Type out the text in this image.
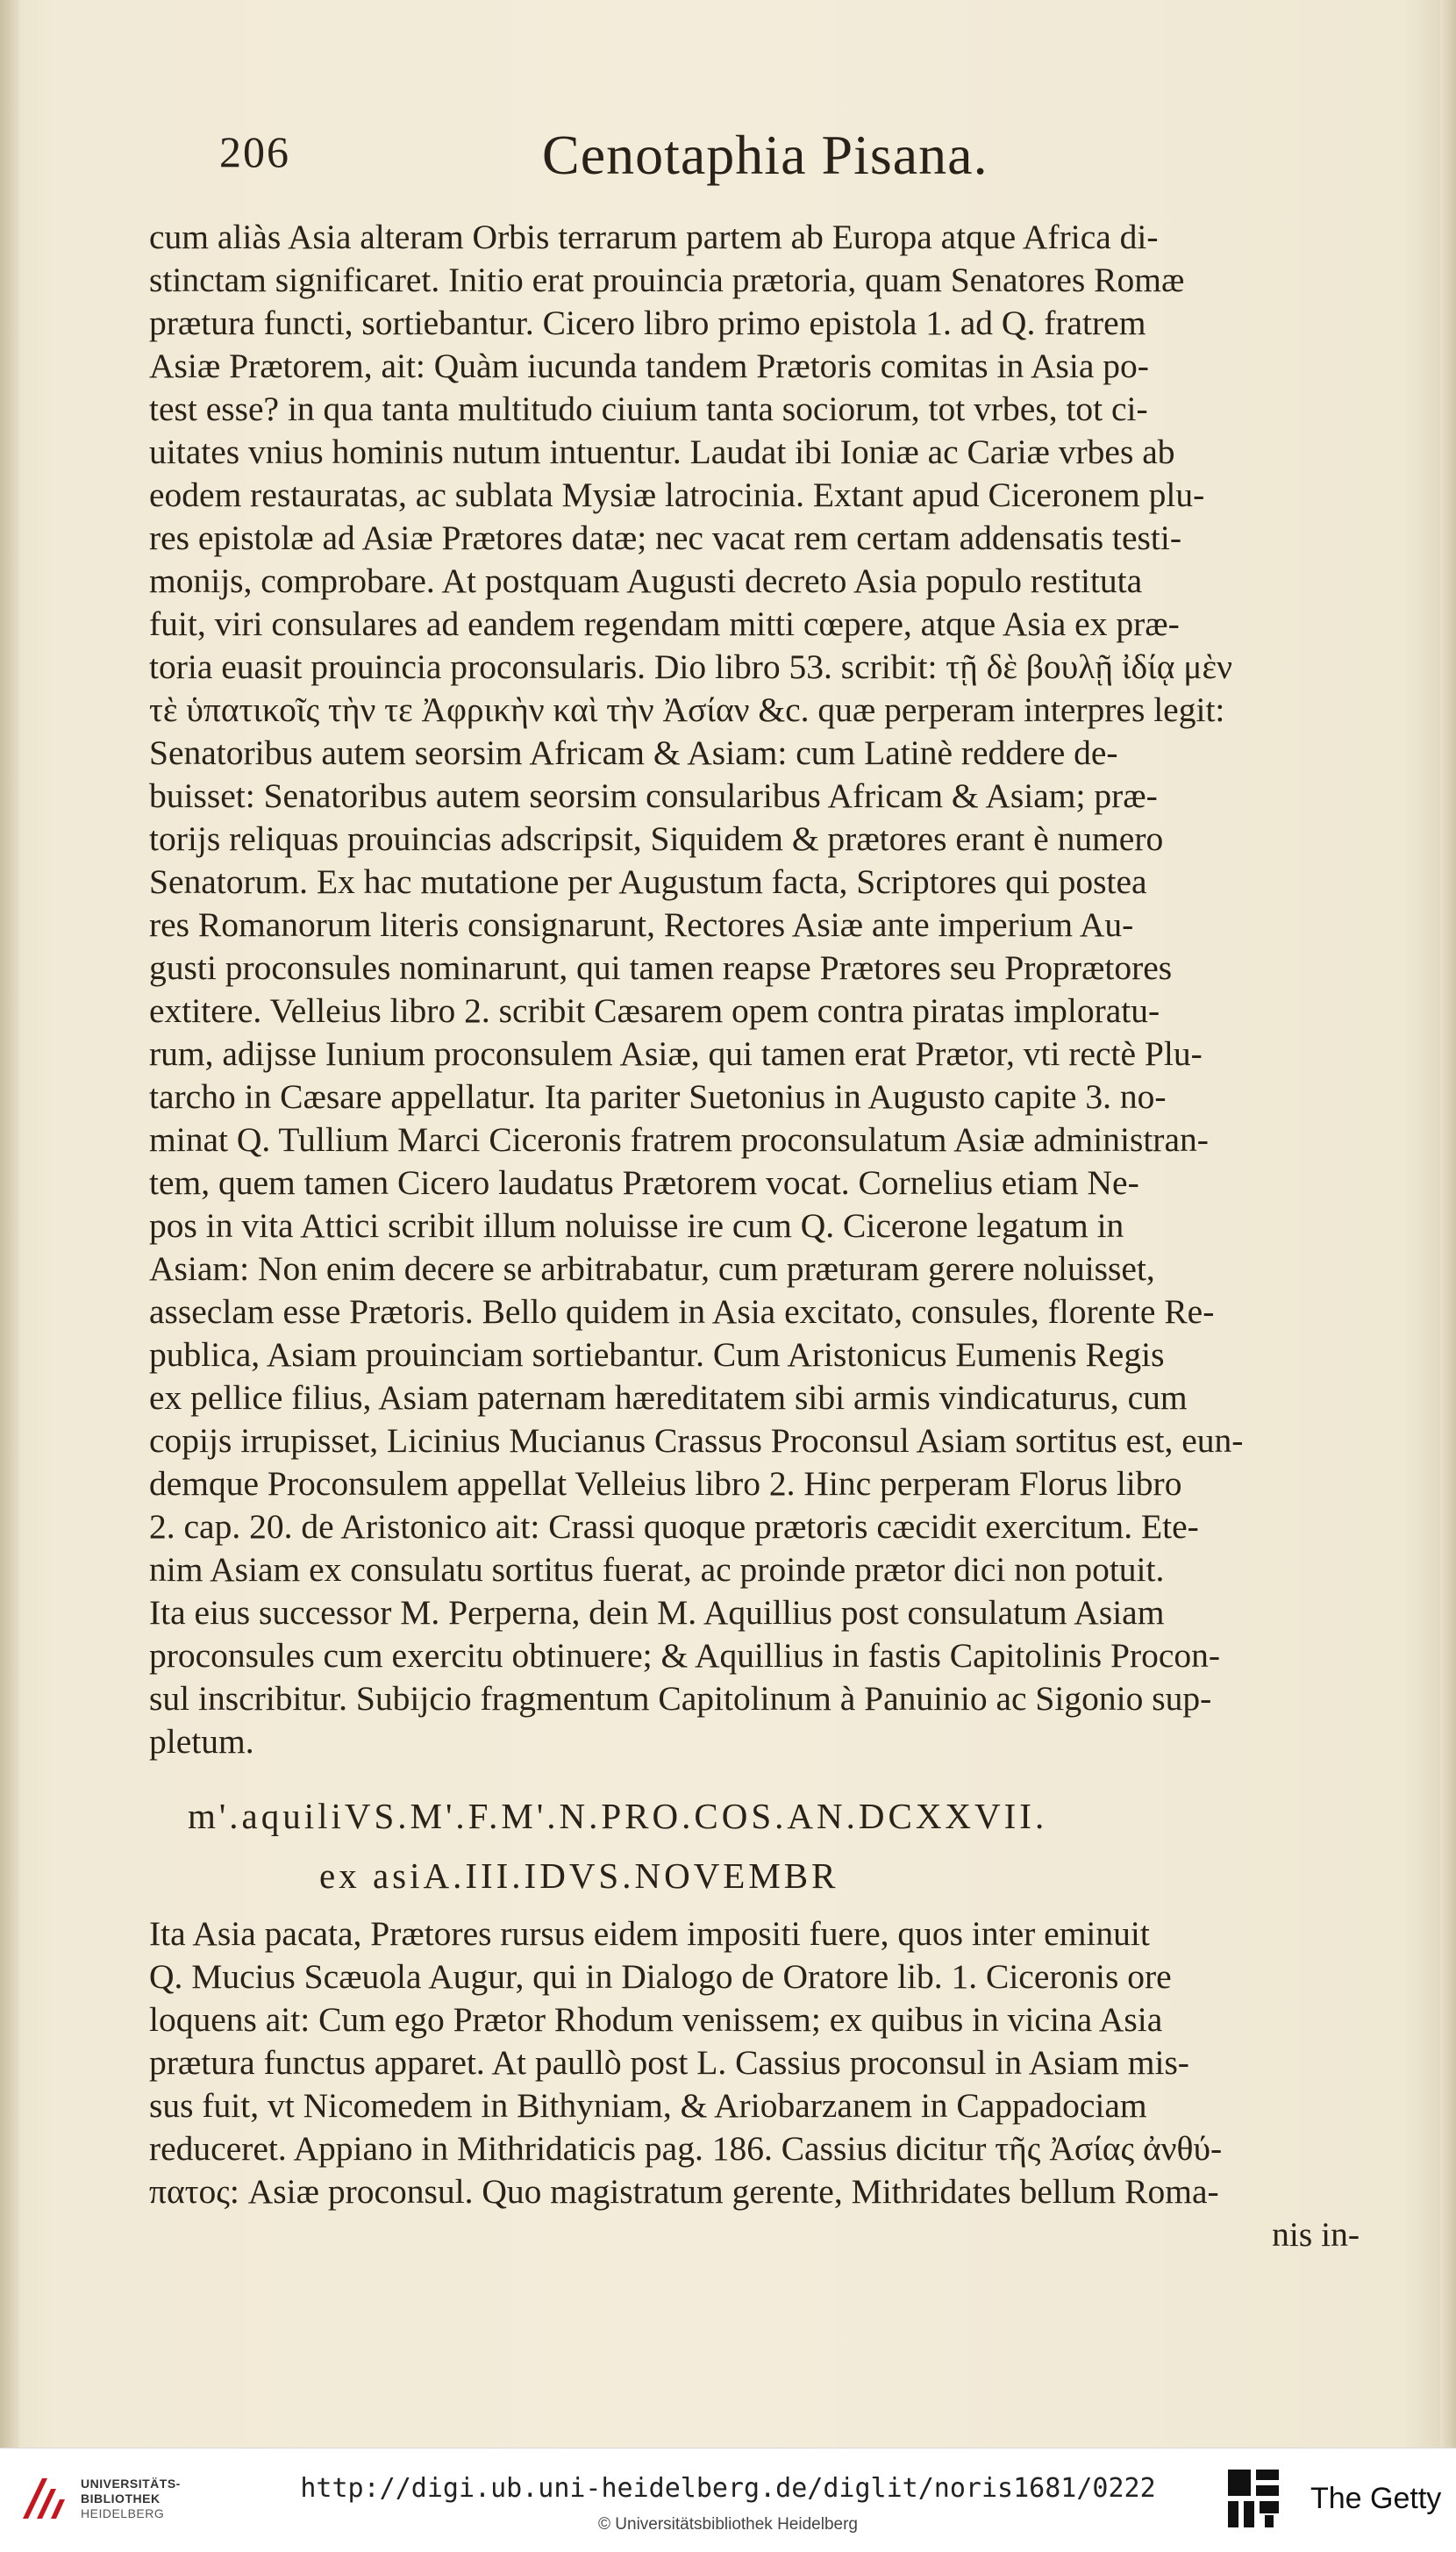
206	Cenotaphia Pisana.

cum aliàs Asia alteram Orbis terrarum partem ab Europa atque Africa di-
stinctam significaret. Initio erat prouincia prætoria, quam Senatores Romæ
prætura functi, sortiebantur. Cicero libro primo epistola 1. ad Q. fratrem
Asiæ Prætorem, ait: Quàm iucunda tandem Prætoris comitas in Asia po-
test esse? in qua tanta multitudo ciuium tanta sociorum, tot vrbes, tot ci-
uitates vnius hominis nutum intuentur. Laudat ibi Ioniæ ac Cariæ vrbes ab
eodem restauratas, ac sublata Mysiæ latrocinia. Extant apud Ciceronem plu-
res epistolæ ad Asiæ Prætores datæ; nec vacat rem certam addensatis testi-
monijs, comprobare. At postquam Augusti decreto Asia populo restituta
fuit, viri consulares ad eandem regendam mitti cœpere, atque Asia ex præ-
toria euasit prouincia proconsularis. Dio libro 53. scribit: τῇ δὲ βουλῇ ἰδίᾳ μὲν
τὲ ὑπατικοῖς τὴν τε Ἀφρικὴν καὶ τὴν Ἀσίαν &c. quæ perperam interpres legit:
Senatoribus autem seorsim Africam & Asiam: cum Latinè reddere de-
buisset: Senatoribus autem seorsim consularibus Africam & Asiam; præ-
torijs reliquas prouincias adscripsit, Siquidem & prætores erant è numero
Senatorum. Ex hac mutatione per Augustum facta, Scriptores qui postea
res Romanorum literis consignarunt, Rectores Asiæ ante imperium Au-
gusti proconsules nominarunt, qui tamen reapse Prætores seu Proprætores
extitere. Velleius libro 2. scribit Cæsarem opem contra piratas imploratu-
rum, adijsse Iunium proconsulem Asiæ, qui tamen erat Prætor, vti rectè Plu-
tarcho in Cæsare appellatur. Ita pariter Suetonius in Augusto capite 3. no-
minat Q. Tullium Marci Ciceronis fratrem proconsulatum Asiæ administran-
tem, quem tamen Cicero laudatus Prætorem vocat. Cornelius etiam Ne-
pos in vita Attici scribit illum noluisse ire cum Q. Cicerone legatum in
Asiam: Non enim decere se arbitrabatur, cum præturam gerere noluisset,
asseclam esse Prætoris. Bello quidem in Asia excitato, consules, florente Re-
publica, Asiam prouinciam sortiebantur. Cum Aristonicus Eumenis Regis
ex pellice filius, Asiam paternam hæreditatem sibi armis vindicaturus, cum
copijs irrupisset, Licinius Mucianus Crassus Proconsul Asiam sortitus est, eun-
demque Proconsulem appellat Velleius libro 2. Hinc perperam Florus libro
2. cap. 20. de Aristonico ait: Crassi quoque prætoris cæcidit exercitum. Ete-
nim Asiam ex consulatu sortitus fuerat, ac proinde prætor dici non potuit.
Ita eius successor M. Perperna, dein M. Aquillius post consulatum Asiam
proconsules cum exercitu obtinuere; & Aquillius in fastis Capitolinis Procon-
sul inscribitur. Subijcio fragmentum Capitolinum à Panuinio ac Sigonio sup-
pletum.

m'.aquiliVS.M'.F.M'.N.PRO.COS.AN.DCXXVII.
ex asiA.III.IDVS.NOVEMBR

Ita Asia pacata, Prætores rursus eidem impositi fuere, quos inter eminuit
Q. Mucius Scæuola Augur, qui in Dialogo de Oratore lib. 1. Ciceronis ore
loquens ait: Cum ego Prætor Rhodum venissem; ex quibus in vicina Asia
prætura functus apparet. At paullò post L. Cassius proconsul in Asiam mis-
sus fuit, vt Nicomedem in Bithyniam, & Ariobarzanem in Cappadociam
reduceret. Appiano in Mithridaticis pag. 186. Cassius dicitur τῆς Ἀσίας ἀνθύ-
πατος: Asiæ proconsul. Quo magistratum gerente, Mithridates bellum Roma-

nis in-
UNIVERSITÄTS-
BIBLIOTHEK
HEIDELBERG
http://digi.ub.uni-heidelberg.de/diglit/noris1681/0222
© Universitätsbibliothek Heidelberg
The Getty
